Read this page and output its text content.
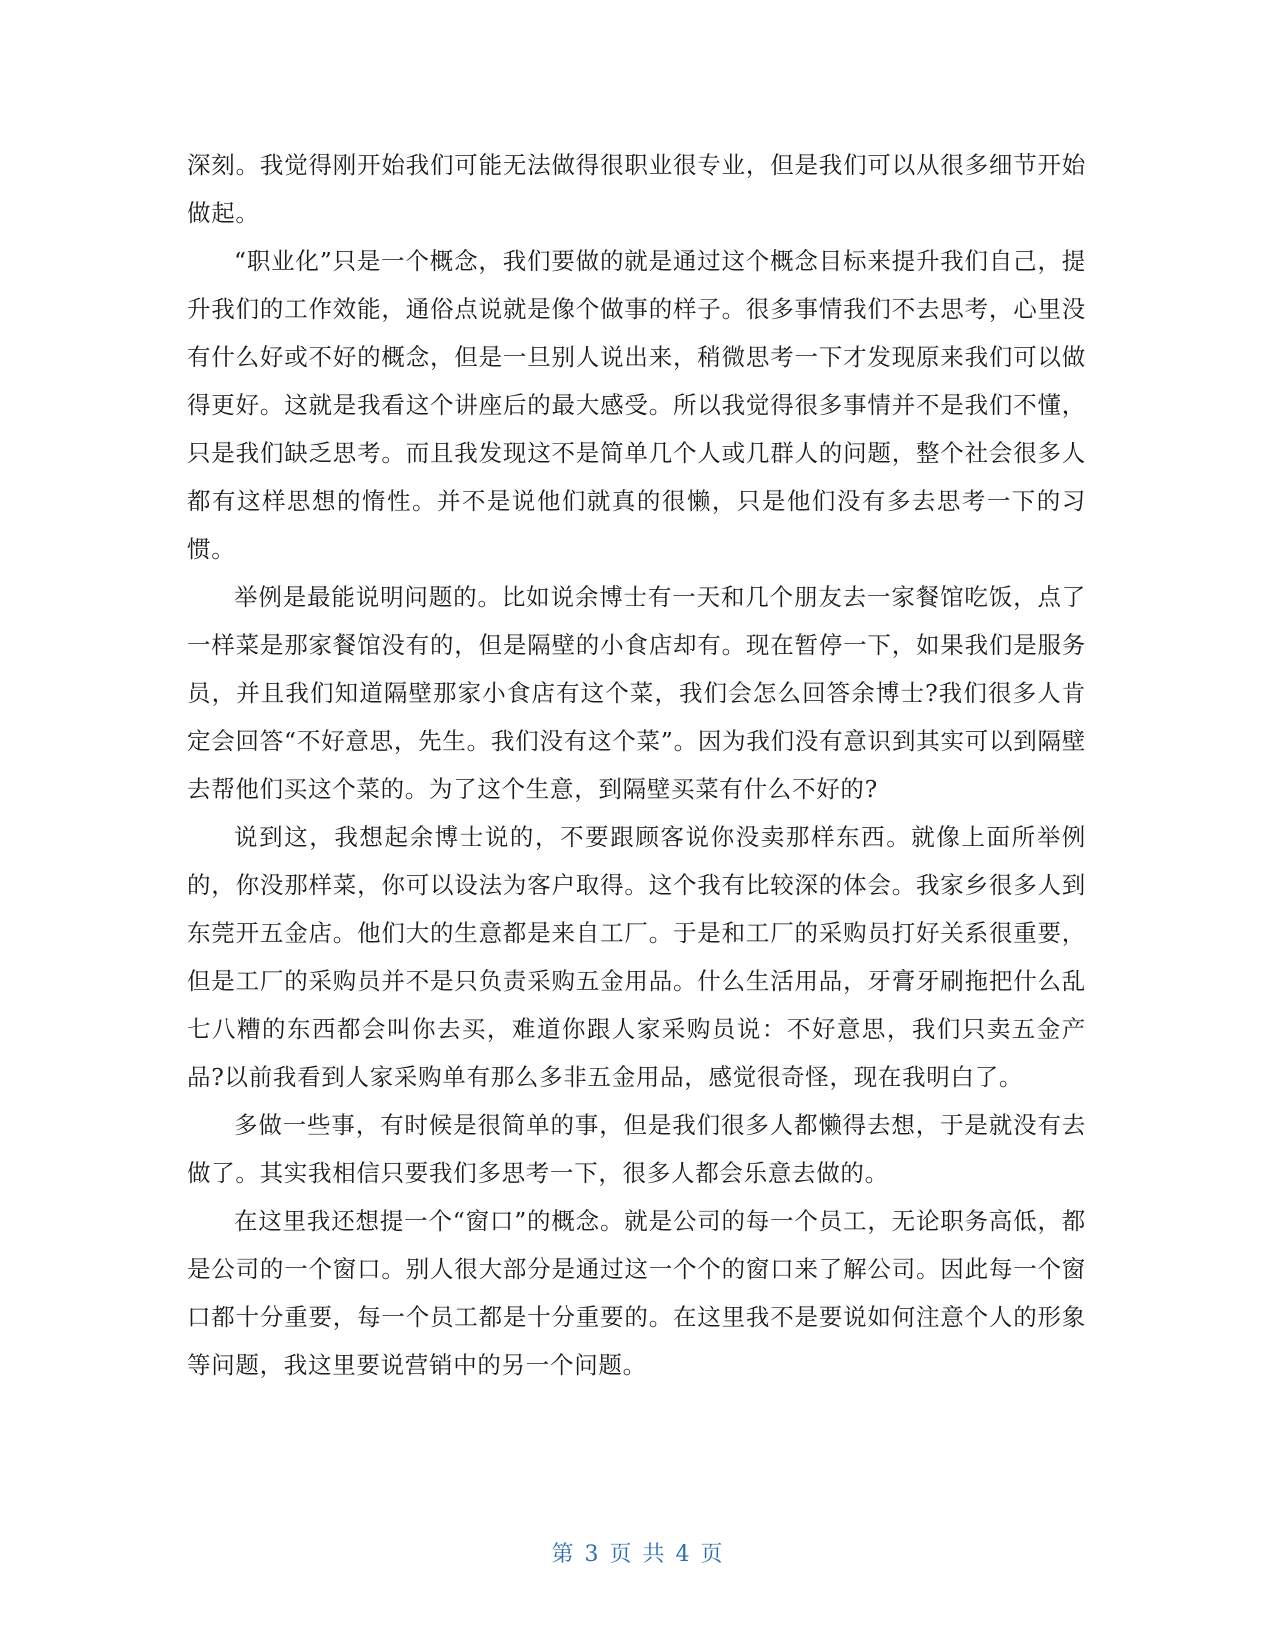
深刻。我觉得刚开始我们可能无法做得很职业很专业，但是我们可以从很多细节开始做起。

“职业化”只是一个概念，我们要做的就是通过这个概念目标来提升我们自己，提升我们的工作效能，通俗点说就是像个做事的样子。很多事情我们不去思考，心里没有什么好或不好的概念，但是一旦别人说出来，稍微思考一下才发现原来我们可以做得更好。这就是我看这个讲座后的最大感受。所以我觉得很多事情并不是我们不懂，只是我们缺乏思考。而且我发现这不是简单几个人或几群人的问题，整个社会很多人都有这样思想的惰性。并不是说他们就真的很懒，只是他们没有多去思考一下的习惯。

举例是最能说明问题的。比如说余博士有一天和几个朋友去一家餐馆吃饭，点了一样菜是那家餐馆没有的，但是隔壁的小食店却有。现在暂停一下，如果我们是服务员，并且我们知道隔壁那家小食店有这个菜，我们会怎么回答余博士?我们很多人肯定会回答“不好意思，先生。我们没有这个菜”。因为我们没有意识到其实可以到隔壁去帮他们买这个菜的。为了这个生意，到隔壁买菜有什么不好的?

说到这，我想起余博士说的，不要跟顾客说你没卖那样东西。就像上面所举例的，你没那样菜，你可以设法为客户取得。这个我有比较深的体会。我家乡很多人到东莞开五金店。他们大的生意都是来自工厂。于是和工厂的采购员打好关系很重要，但是工厂的采购员并不是只负责采购五金用品。什么生活用品，牙膏牙刷拖把什么乱七八糟的东西都会叫你去买，难道你跟人家采购员说：不好意思，我们只卖五金产品?以前我看到人家采购单有那么多非五金用品，感觉很奇怪，现在我明白了。

多做一些事，有时候是很简单的事，但是我们很多人都懒得去想，于是就没有去做了。其实我相信只要我们多思考一下，很多人都会乐意去做的。

在这里我还想提一个“窗口”的概念。就是公司的每一个员工，无论职务高低，都是公司的一个窗口。别人很大部分是通过这一个个的窗口来了解公司。因此每一个窗口都十分重要，每一个员工都是十分重要的。在这里我不是要说如何注意个人的形象等问题，我这里要说营销中的另一个问题。

第 3 页 共 4 页
